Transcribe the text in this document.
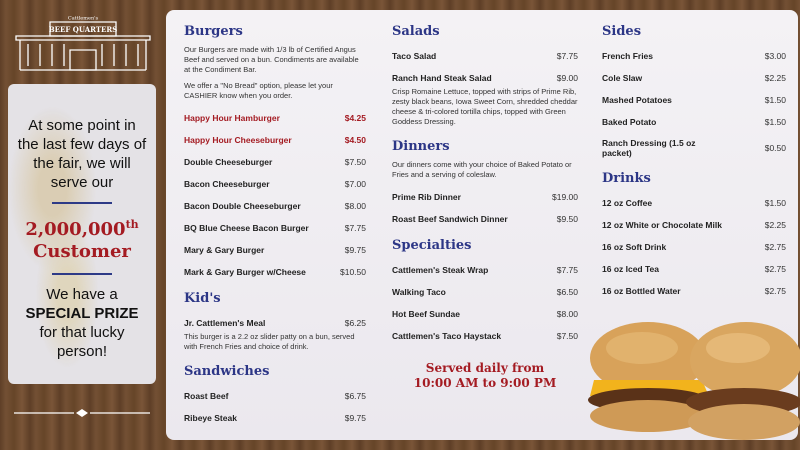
Cattlemen's
BEEF QUARTERS
At some point in the last few days of the fair, we will serve our
2,000,000th
Customer
We have a
SPECIAL PRIZE
for that lucky person!
Burgers
Our Burgers are made with 1/3 lb of Certified Angus Beef and served on a bun. Condiments are available at the Condiment Bar.
We offer a "No Bread" option, please let your CASHIER know when you order.
Happy Hour Hamburger	$4.25
Happy Hour Cheeseburger	$4.50
Double Cheeseburger	$7.50
Bacon Cheeseburger	$7.00
Bacon Double Cheeseburger	$8.00
BQ Blue Cheese Bacon Burger	$7.75
Mary & Gary Burger	$9.75
Mark & Gary Burger w/Cheese	$10.50
Kid's
Jr. Cattlemen's Meal	$6.25
This burger is a 2.2 oz slider patty on a bun, served with French Fries and choice of drink.
Sandwiches
Roast Beef	$6.75
Ribeye Steak	$9.75
Salads
Taco Salad	$7.75
Ranch Hand Steak Salad	$9.00
Crisp Romaine Lettuce, topped with strips of Prime Rib, zesty black beans, Iowa Sweet Corn, shredded cheddar cheese & tri-colored tortilla chips, topped with Green Goddess Dressing.
Dinners
Our dinners come with your choice of Baked Potato or Fries and a serving of coleslaw.
Prime Rib Dinner	$19.00
Roast Beef Sandwich Dinner	$9.50
Specialties
Cattlemen's Steak Wrap	$7.75
Walking Taco	$6.50
Hot Beef Sundae	$8.00
Cattlemen's Taco Haystack	$7.50
Served daily from
10:00 AM to 9:00 PM
Sides
French Fries	$3.00
Cole Slaw	$2.25
Mashed Potatoes	$1.50
Baked Potato	$1.50
Ranch Dressing (1.5 oz packet)	$0.50
Drinks
12 oz Coffee	$1.50
12 oz White or Chocolate Milk	$2.25
16 oz Soft Drink	$2.75
16 oz Iced Tea	$2.75
16 oz Bottled Water	$2.75
